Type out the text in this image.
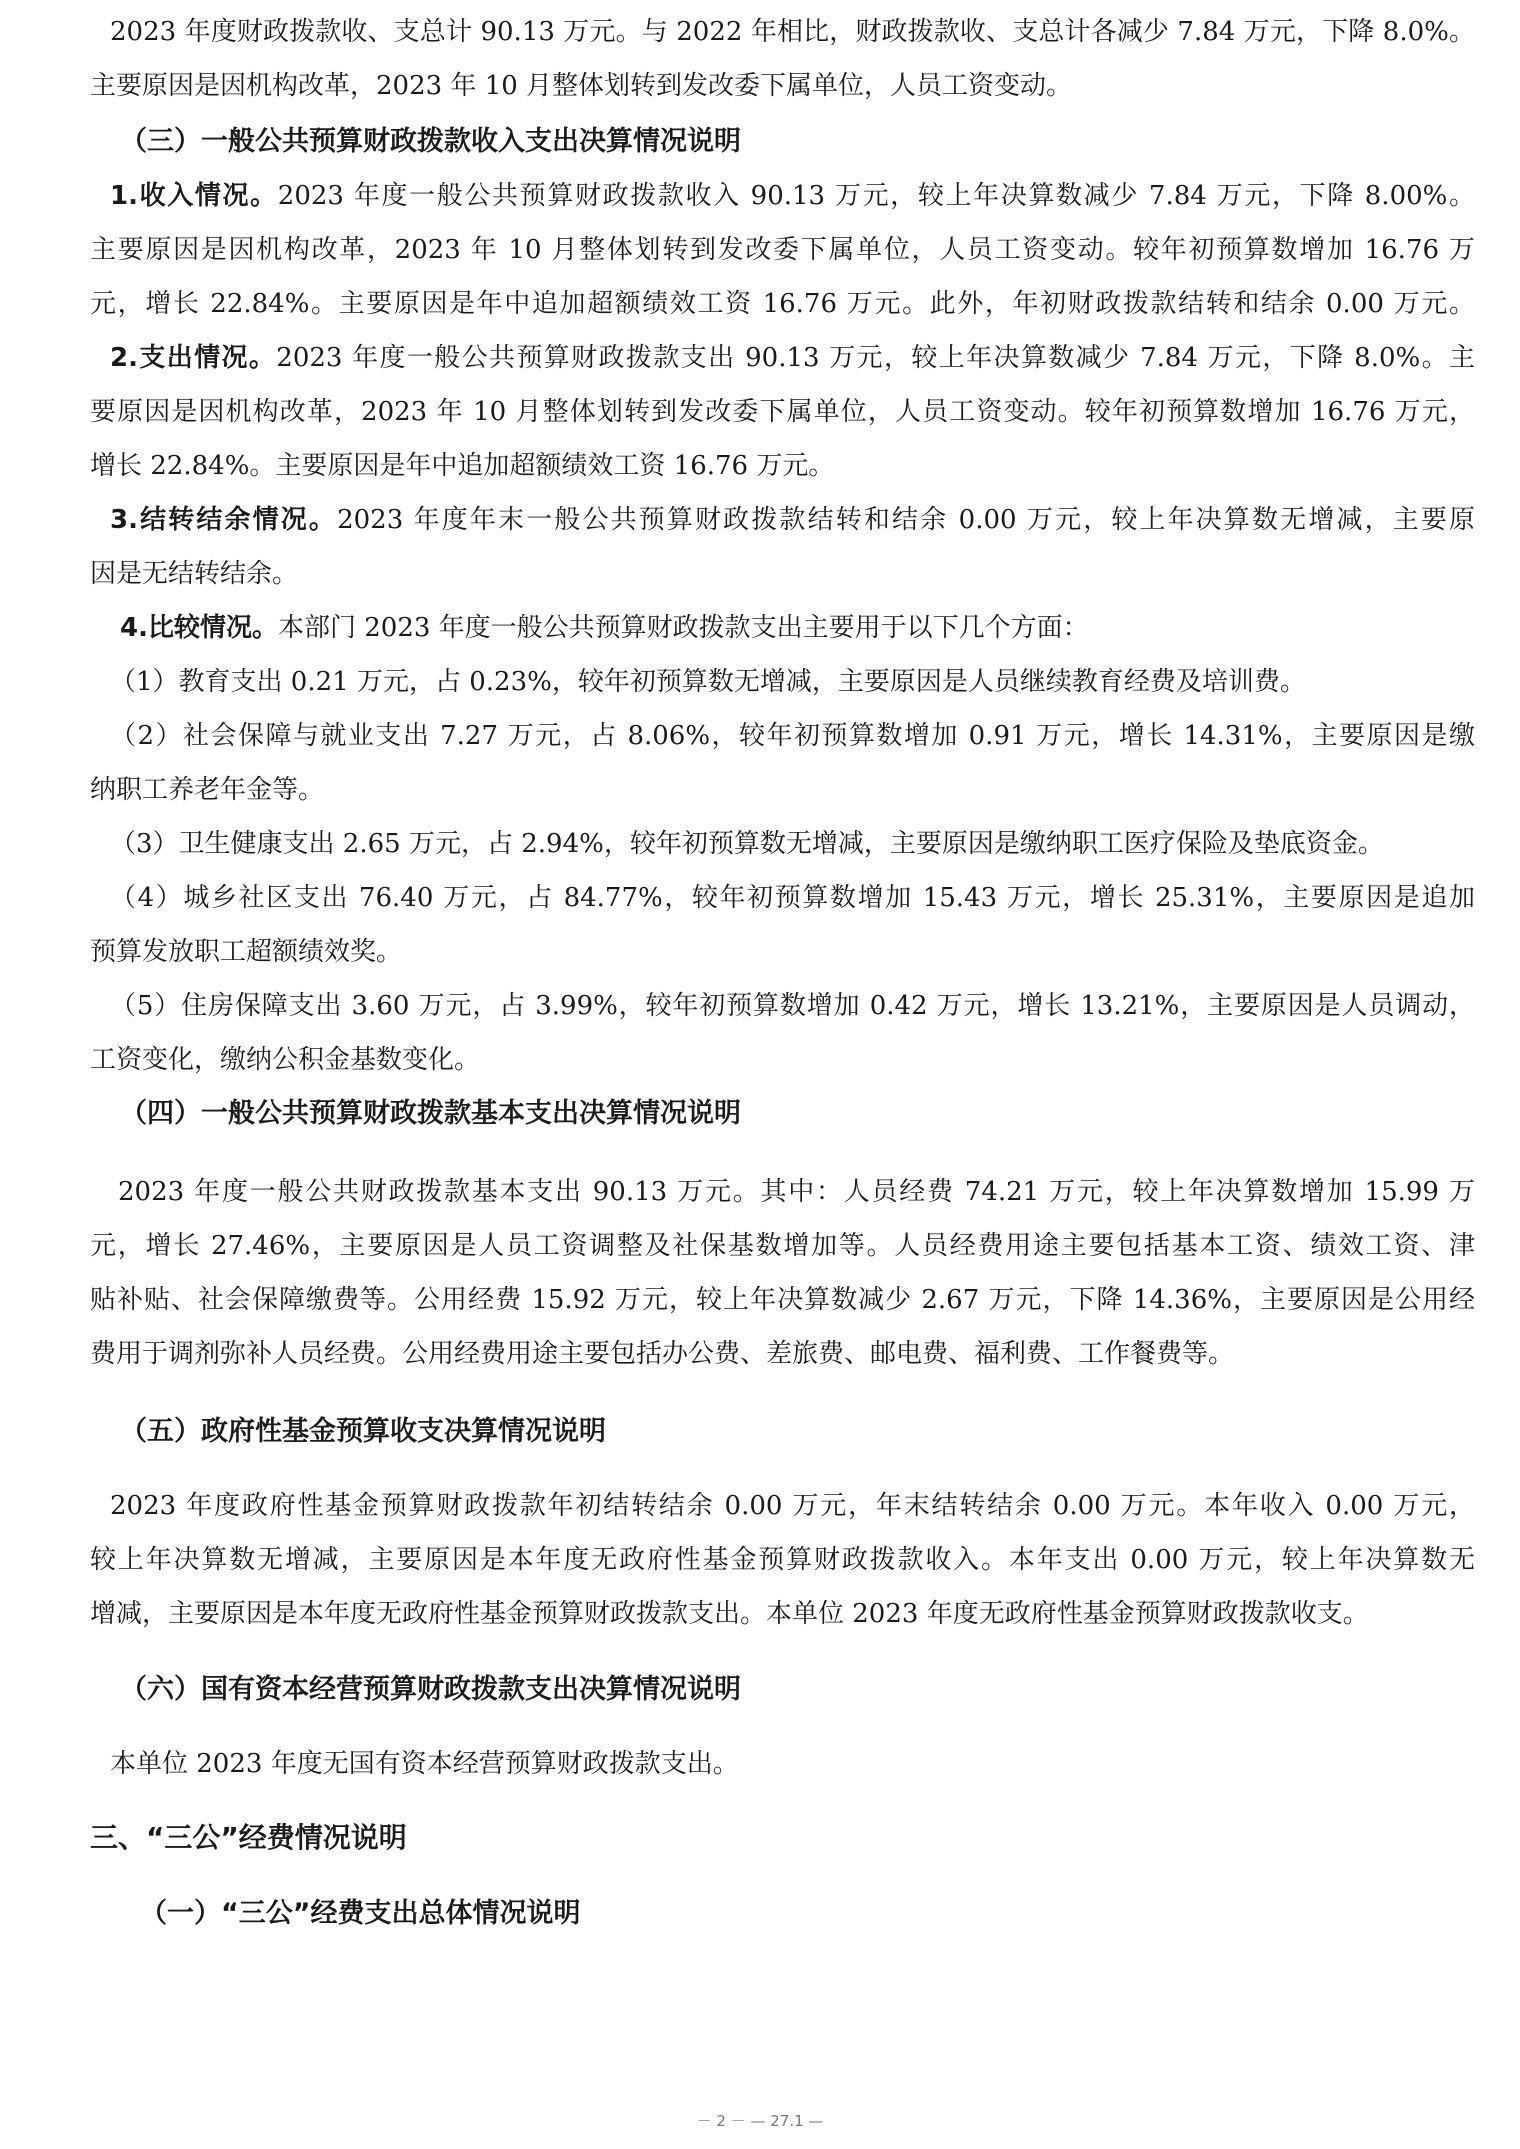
2023 年度财政拨款收、支总计 90.13 万元。与 2022 年相比，财政拨款收、支总计各减少 7.84 万元，下降 8.0%。
主要原因是因机构改革，2023 年 10 月整体划转到发改委下属单位，人员工资变动。
（三）一般公共预算财政拨款收入支出决算情况说明
1.收入情况。2023 年度一般公共预算财政拨款收入 90.13 万元，较上年决算数减少 7.84 万元，下降 8.00%。
主要原因是因机构改革，2023 年 10 月整体划转到发改委下属单位，人员工资变动。较年初预算数增加 16.76 万
元，增长 22.84%。主要原因是年中追加超额绩效工资 16.76 万元。此外，年初财政拨款结转和结余 0.00 万元。
2.支出情况。2023 年度一般公共预算财政拨款支出 90.13 万元，较上年决算数减少 7.84 万元，下降 8.0%。主
要原因是因机构改革，2023 年 10 月整体划转到发改委下属单位，人员工资变动。较年初预算数增加 16.76 万元，
增长 22.84%。主要原因是年中追加超额绩效工资 16.76 万元。
3.结转结余情况。2023 年度年末一般公共预算财政拨款结转和结余 0.00 万元，较上年决算数无增减，主要原
因是无结转结余。
4.比较情况。本部门 2023 年度一般公共预算财政拨款支出主要用于以下几个方面：
（1）教育支出 0.21 万元，占 0.23%，较年初预算数无增减，主要原因是人员继续教育经费及培训费。
（2）社会保障与就业支出 7.27 万元，占 8.06%，较年初预算数增加 0.91 万元，增长 14.31%，主要原因是缴
纳职工养老年金等。
（3）卫生健康支出 2.65 万元，占 2.94%，较年初预算数无增减，主要原因是缴纳职工医疗保险及垫底资金。
（4）城乡社区支出 76.40 万元，占 84.77%，较年初预算数增加 15.43 万元，增长 25.31%，主要原因是追加
预算发放职工超额绩效奖。
（5）住房保障支出 3.60 万元，占 3.99%，较年初预算数增加 0.42 万元，增长 13.21%，主要原因是人员调动，
工资变化，缴纳公积金基数变化。
（四）一般公共预算财政拨款基本支出决算情况说明
2023 年度一般公共财政拨款基本支出 90.13 万元。其中：人员经费 74.21 万元，较上年决算数增加 15.99 万
元，增长 27.46%，主要原因是人员工资调整及社保基数增加等。人员经费用途主要包括基本工资、绩效工资、津
贴补贴、社会保障缴费等。公用经费 15.92 万元，较上年决算数减少 2.67 万元，下降 14.36%，主要原因是公用经
费用于调剂弥补人员经费。公用经费用途主要包括办公费、差旅费、邮电费、福利费、工作餐费等。
（五）政府性基金预算收支决算情况说明
2023 年度政府性基金预算财政拨款年初结转结余 0.00 万元，年末结转结余 0.00 万元。本年收入 0.00 万元，
较上年决算数无增减，主要原因是本年度无政府性基金预算财政拨款收入。本年支出 0.00 万元，较上年决算数无
增减，主要原因是本年度无政府性基金预算财政拨款支出。本单位 2023 年度无政府性基金预算财政拨款收支。
（六）国有资本经营预算财政拨款支出决算情况说明
本单位 2023 年度无国有资本经营预算财政拨款支出。
三、“三公”经费情况说明
（一）“三公”经费支出总体情况说明
－ 2 － — 27.1 —
